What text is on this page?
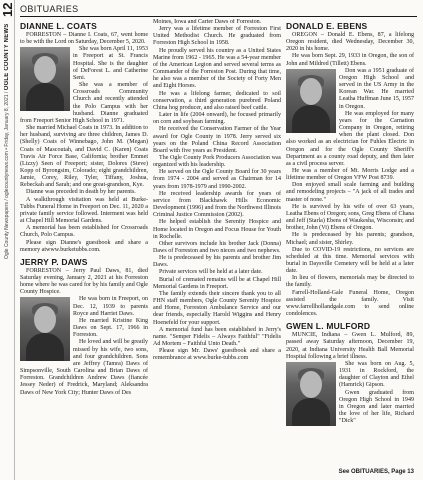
12
Ogle County Newspapers / oglecountynews.com • Friday, January 8, 2021 / OGLE COUNTY NEWS
OBITUARIES
DIANNE L. COATS

FORRESTON – Dianne I. Coats, 67, went home to be with the Lord on Saturday, December 5, 2020.

She was born April 11, 1953 in Freeport at St. Francis Hospital. She is the daughter of DeForest L. and Catherine Seni.

She was a member of Crossroads Community Church and recently attended the Polo Campus with her husband. Dianne graduated from Freeport Senior High School in 1971.

She married Michael Coats in 1973. In addition to her husband, surviving are three children, James D. (Shelly) Coats of Winnebago, John M. (Megan) Coats of Mascoutah, and David C. (Karen) Coats Travis Air Force Base, California; brother Emmet (Lizzy) Seen of Freeport; sister, Dolores (Steve) Kopp of Byrongsim, Colorado; eight grandchildren, Jamie, Corey, Riley, Tyler, Tiffany, Joshua, Rebeckah and Sarah; and one great-grandson, Kye.

Dianne was preceded in death by her parents.

A walkthrough visitation was held at Burke-Tubbs Funeral Home in Freeport on Dec. 11, 2020 a private family service followed. Interment was held at Chapel Hill Memorial Gardens.

A memorial has been established for Crossroads Church, Polo Campus.

Please sign Dianne's guestbook and share a memory atwww.burketubbs.com.

JERRY P. DAWS

FORRESTON – Jerry Paul Daws, 81, died Saturday evening, January 2, 2021 at his Forreston home where he was cared for by his family and Ogle County Hospice.

He was born in Freeport, on Dec. 12, 1939 to parents Royce and Harriet Daws.

He married Kristine King Daws on Sept. 17, 1966 in Forreston.

He loved and will be greatly missed by his wife, two sons, and four grandchildren. Sons are Jeffrey (Tamra) Daws of Simpsonville, South Carolina and Brian Daws of Forreston. Grandchildren Andrew Daws (fiancée Jessey Neder) of Fredrick, Maryland; Aleksandra Daws of New York City; Hunter Daws of Des

Moines, Iowa and Carter Daws of Forreston.

Jerry was a lifetime member of Forreston First United Methodist Church. He graduated from Forreston High School in 1958.

He proudly served his country as a United States Marine from 1962 - 1965. He was a 54-year member of the American Legion and served several terms as Commander of the Forreston Post. During that time, he also was a member of the Society of Forty Men and Eight Horses.

He was a lifelong farmer, dedicated to soil conservation, a third generation purebred Poland China hog producer, and also raised beef cattle.

Later in life (2004 onward), he focused primarily on corn and soybean farming.

He received the Conservation Farmer of the Year award for Ogle County in 1978. Jerry served six years on the Poland China Record Association Board with five years as President.

The Ogle County Pork Producers Association was organized with his leadership.

He served on the Ogle County Board for 30 years from 1974 - 2004 and served as Chairman for 14 years from 1978-1979 and 1990-2002.

He received leadership awards for years of service from Blackhawk Hills Economic Development (1996) and from the Northwest Illinois Criminal Justice Commission (2002).

He helped establish the Serenity Hospice and Home located in Oregon and Focus House for Youth in Rochelle.

Other survivors include his brother Jack (Donna) Daws of Forreston and two nieces and two nephews.

He is predeceased by his parents and brother Jim Daws.

Private services will be held at a later date.

Burial of cremated remains will be at Chapel Hill Memorial Gardens in Freeport.

The family extends their sincere thank you to all FHN staff members, Ogle County Serenity Hospice and Home, Forreston Ambulance Service and our dear friends, especially Harold Wiggins and Henry Hoenefeld for your support.

A memorial fund has been established in Jerry's name. "Semper Fidelis – Always Faithful" "Fidelis Ad Mortem – Faithful Unto Death."

Please sign Mr. Daws' guestbook and share a remembrance at www.burke-tubbs.com

DONALD E. EBENS

OREGON – Donald E. Ebens, 87, a lifelong Oregon resident, died Wednesday, December 30, 2020 in his home.

He was born Sept. 29, 1933 in Oregon, the son of John and Mildred (Tillett) Ebens.

Don was a 1951 graduate of Oregon High School and served in the US Army in the Korean War. He married Leatha Huffman June 15, 1957 in Oregon.

He was employed for many years for the Carnation Company in Oregon, retiring when the plant closed. Don also worked as an electrician for Fuhles Electric in Oregon and for the Ogle County Sheriff's Department as a county road deputy, and then later as a civil process server.

He was a member of Mt. Morris Lodge and a lifetime member of Oregon VFW Post 8739.

Don enjoyed small scale farming and building and remodeling projects – "A jack of all trades and master of none."

He is survived by his wife of over 63 years, Leatha Ebens of Oregon; sons, Greg Ebens of Chana and Jeff (Starla) Ebens of Waukesha, Wisconsin; and brother, John (Vi) Ebens of Oregon.

He is predeceased by his parents; grandson, Michael; and sister, Shirley.

Due to COVID-19 restrictions, no services are scheduled at this time. Memorial services with burial in Daysville Cemetery will be held at a later date.

In lieu of flowers, memorials may be directed to the family.

Farrell-Holland-Gale Funeral Home, Oregon assisted the family. Visit www.farrellhollandgale.com to send online condolences.

GWEN L. MULFORD

MUNCIE, Indiana – Gwen L. Mulford, 89, passed away Saturday afternoon, December 19, 2020, at Indiana University Health Ball Memorial Hospital following a brief illness.

She was born on Aug. 5, 1931 in Rockford, the daughter of Clayton and Ethel (Hamrick) Gipson.

Gwen graduated from Oregon High School in 1949 in Oregon and later married the love of her life, Richard "Dick"

See OBITUARIES, Page 13
